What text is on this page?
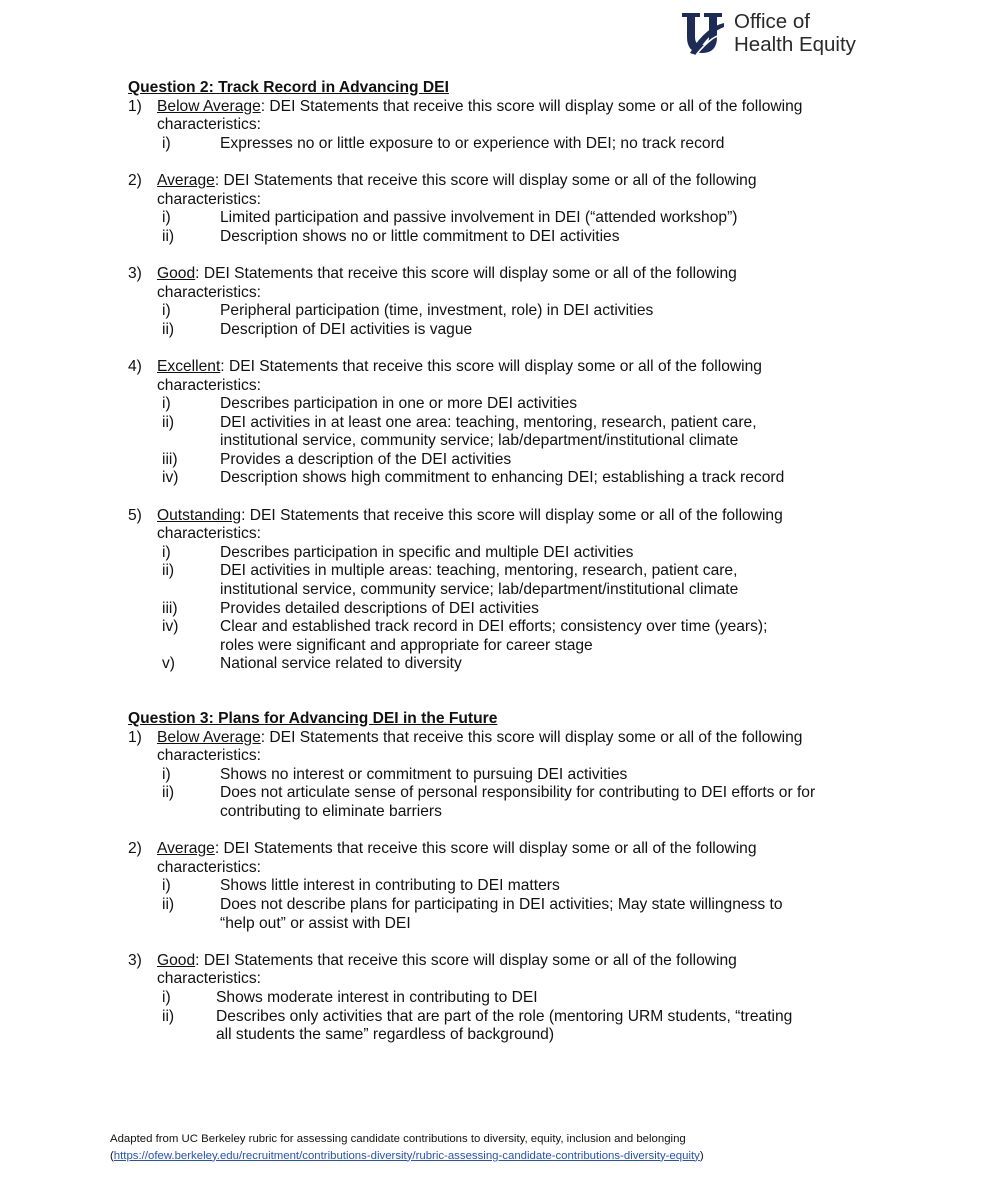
Office of
Health Equity
Question 2: Track Record in Advancing DEI
1) Below Average: DEI Statements that receive this score will display some or all of the following
characteristics:
i)	Expresses no or little exposure to or experience with DEI; no track record
2) Average: DEI Statements that receive this score will display some or all of the following
characteristics:
i)	Limited participation and passive involvement in DEI (“attended workshop”)
ii)	Description shows no or little commitment to DEI activities
3) Good: DEI Statements that receive this score will display some or all of the following
characteristics:
i)	Peripheral participation (time, investment, role) in DEI activities
ii)	Description of DEI activities is vague
4) Excellent: DEI Statements that receive this score will display some or all of the following
characteristics:
i)	Describes participation in one or more DEI activities
ii)	DEI activities in at least one area: teaching, mentoring, research, patient care,
institutional service, community service; lab/department/institutional climate
iii)	Provides a description of the DEI activities
iv)	Description shows high commitment to enhancing DEI; establishing a track record
5) Outstanding: DEI Statements that receive this score will display some or all of the following
characteristics:
i)	Describes participation in specific and multiple DEI activities
ii)	DEI activities in multiple areas: teaching, mentoring, research, patient care,
institutional service, community service; lab/department/institutional climate
iii)	Provides detailed descriptions of DEI activities
iv)	Clear and established track record in DEI efforts; consistency over time (years);
roles were significant and appropriate for career stage
v)	National service related to diversity
Question 3: Plans for Advancing DEI in the Future
1) Below Average: DEI Statements that receive this score will display some or all of the following
characteristics:
i)	Shows no interest or commitment to pursuing DEI activities
ii)	Does not articulate sense of personal responsibility for contributing to DEI efforts or for
contributing to eliminate barriers
2) Average: DEI Statements that receive this score will display some or all of the following
characteristics:
i)	Shows little interest in contributing to DEI matters
ii)	Does not describe plans for participating in DEI activities; May state willingness to
“help out” or assist with DEI
3) Good: DEI Statements that receive this score will display some or all of the following
characteristics:
i)	Shows moderate interest in contributing to DEI
ii)	Describes only activities that are part of the role (mentoring URM students, “treating
all students the same” regardless of background)
Adapted from UC Berkeley rubric for assessing candidate contributions to diversity, equity, inclusion and belonging
(https://ofew.berkeley.edu/recruitment/contributions-diversity/rubric-assessing-candidate-contributions-diversity-equity)
